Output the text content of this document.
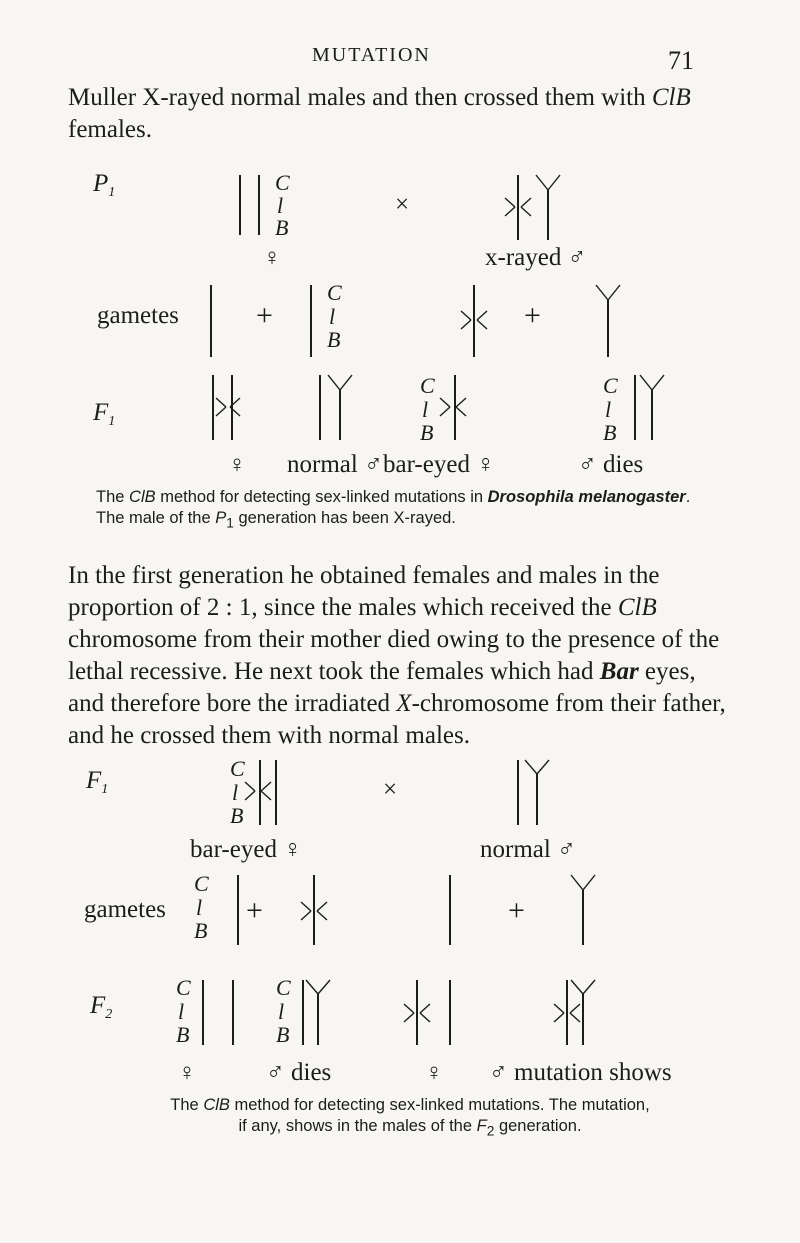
MUTATION	71

Muller X-rayed normal males and then crossed them with ClB females.

$P_1$	C
l
B
♀
×
x-rayed ♂
gametes	+
C
l
B
+
$F_1$
♀ normal ♂
C
l
B
bar-eyed ♀
C
l
B
♂ dies
The ClB method for detecting sex-linked mutations in Drosophila melanogaster. The male of the $P_1$ generation has been X-rayed.

In the first generation he obtained females and males in the proportion of 2 : 1, since the males which received the ClB chromosome from their mother died owing to the presence of the lethal recessive. He next took the females which had Bar eyes, and therefore bore the irradiated X-chromosome from their father, and he crossed them with normal males.

$F_1$
C
l
B
bar-eyed ♀
×
normal ♂
gametes
C
l
B
+	+
$F_2$
C
l
B
♀
C
l
B
♂ dies	♀ ♂ mutation shows
The ClB method for detecting sex-linked mutations. The mutation,
if any, shows in the males of the $F_2$ generation.
